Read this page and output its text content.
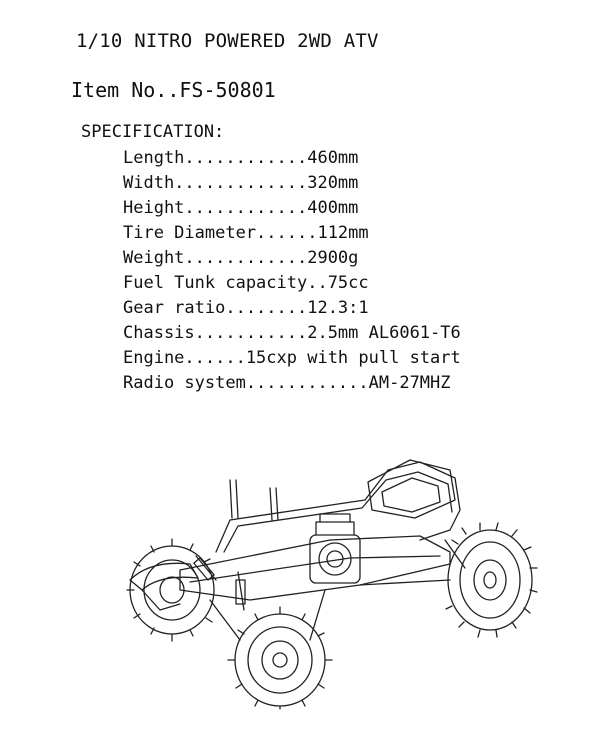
1/10 NITRO POWERED 2WD ATV
Item No..FS-50801
SPECIFICATION:
Length............460mm
Width.............320mm
Height............400mm
Tire Diameter......112mm
Weight............2900g
Fuel Tunk capacity..75cc
Gear ratio........12.3:1
Chassis...........2.5mm AL6061-T6
Engine......15cxp with pull start
Radio system............AM-27MHZ
